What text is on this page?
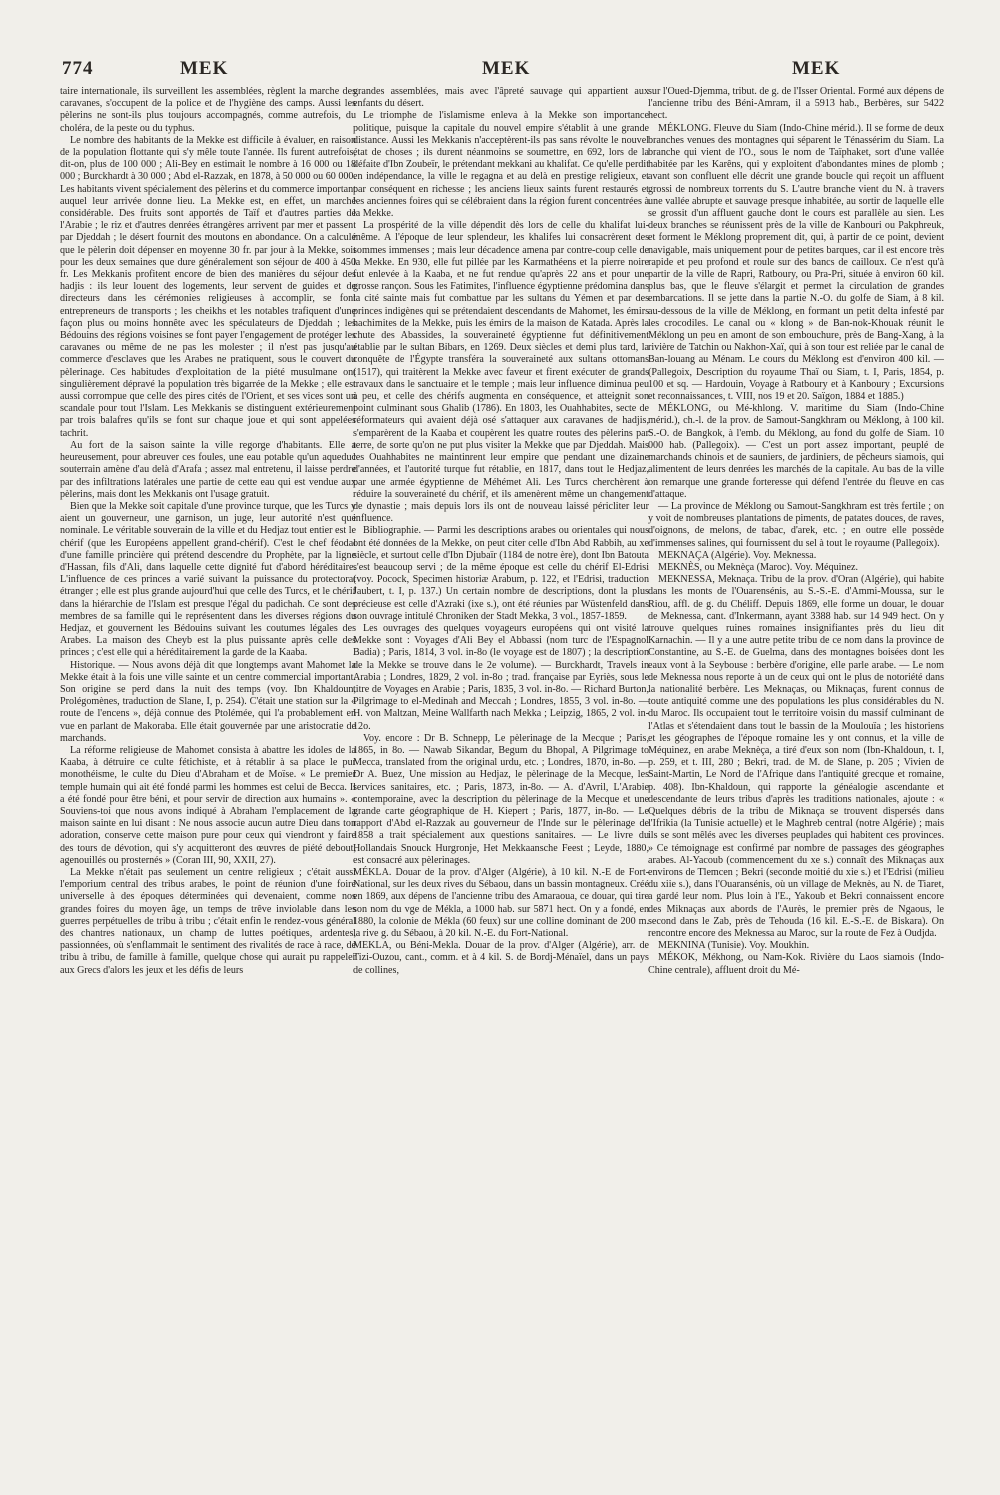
774	MEK	MEK	MEK

taire internationale, ils surveillent les assemblées, règlent la marche des caravanes, s'occupent de la police et de l'hygiène des camps. Aussi les pèlerins ne sont-ils plus toujours accompagnés, comme autrefois, du choléra, de la peste ou du typhus.

Le nombre des habitants de la Mekke est difficile à évaluer, en raison de la population flottante qui s'y mêle toute l'année. Ils furent autrefois, dit-on, plus de 100 000 ; Ali-Bey en estimait le nombre à 16 000 ou 18 000 ; Burckhardt à 30 000 ; Abd el-Razzak, en 1878, à 50 000 ou 60 000. Les habitants vivent spécialement des pèlerins et du commerce important auquel leur arrivée donne lieu. La Mekke est, en effet, un marché considérable. Des fruits sont apportés de Taïf et d'autres parties de l'Arabie ; le riz et d'autres denrées étrangères arrivent par mer et passent par Djeddah ; le désert fournit des moutons en abondance. On a calculé que le pèlerin doit dépenser en moyenne 30 fr. par jour à la Mekke, soit pour les deux semaines que dure généralement son séjour de 400 à 450 fr. Les Mekkanis profitent encore de bien des manières du séjour des hadjis : ils leur louent des logements, leur servent de guides et de directeurs dans les cérémonies religieuses à accomplir, se font entrepreneurs de transports ; les cheikhs et les notables trafiquent d'une façon plus ou moins honnête avec les spéculateurs de Djeddah ; les Bédouins des régions voisines se font payer l'engagement de protéger les caravanes ou même de ne pas les molester ; il n'est pas jusqu'au commerce d'esclaves que les Arabes ne pratiquent, sous le couvert du pèlerinage. Ces habitudes d'exploitation de la piété musulmane ont singulièrement dépravé la population très bigarrée de la Mekke ; elle est aussi corrompue que celle des pires cités de l'Orient, et ses vices sont un scandale pour tout l'Islam. Les Mekkanis se distinguent extérieurement par trois balafres qu'ils se font sur chaque joue et qui sont appelées tachrit.

Au fort de la saison sainte la ville regorge d'habitants. Elle a heureusement, pour abreuver ces foules, une eau potable qu'un aqueduc souterrain amène d'au delà d'Arafa ; assez mal entretenu, il laisse perdre par des infiltrations latérales une partie de cette eau qui est vendue aux pèlerins, mais dont les Mekkanis ont l'usage gratuit.

Bien que la Mekke soit capitale d'une province turque, que les Turcs y aient un gouverneur, une garnison, un juge, leur autorité n'est que nominale. Le véritable souverain de la ville et du Hedjaz tout entier est le chérif (que les Européens appellent grand-chérif). C'est le chef féodal d'une famille princière qui prétend descendre du Prophète, par la ligne d'Hassan, fils d'Ali, dans laquelle cette dignité fut d'abord héréditaire. L'influence de ces princes a varié suivant la puissance du protectorat étranger ; elle est plus grande aujourd'hui que celle des Turcs, et le chérif dans la hiérarchie de l'Islam est presque l'égal du padichah. Ce sont des membres de sa famille qui le représentent dans les diverses régions du Hedjaz, et gouvernent les Bédouins suivant les coutumes légales des Arabes. La maison des Cheyb est la plus puissante après celle des princes ; c'est elle qui a héréditairement la garde de la Kaaba.

Historique. — Nous avons déjà dit que longtemps avant Mahomet la Mekke était à la fois une ville sainte et un centre commercial important. Son origine se perd dans la nuit des temps (voy. Ibn Khaldoun, Prolégomènes, traduction de Slane, I, p. 254). C'était une station sur la « route de l'encens », déjà connue des Ptolémée, qui l'a probablement en vue en parlant de Makoraba. Elle était gouvernée par une aristocratie de marchands.

La réforme religieuse de Mahomet consista à abattre les idoles de la Kaaba, à détruire ce culte fétichiste, et à rétablir à sa place le pur monothéisme, le culte du Dieu d'Abraham et de Moïse. « Le premier temple humain qui ait été fondé parmi les hommes est celui de Becca. Il a été fondé pour être béni, et pour servir de direction aux humains ». « Souviens-toi que nous avons indiqué à Abraham l'emplacement de la maison sainte en lui disant : Ne nous associe aucun autre Dieu dans ton adoration, conserve cette maison pure pour ceux qui viendront y faire des tours de dévotion, qui s'y acquitteront des œuvres de piété debout, agenouillés ou prosternés » (Coran III, 90, XXII, 27).

La Mekke n'était pas seulement un centre religieux ; c'était aussi l'emporium central des tribus arabes, le point de réunion d'une foire universelle à des époques déterminées qui devenaient, comme nos grandes foires du moyen âge, un temps de trêve inviolable dans les guerres perpétuelles de tribu à tribu ; c'était enfin le rendez-vous général des chantres nationaux, un champ de luttes poétiques, ardentes, passionnées, où s'enflammait le sentiment des rivalités de race à race, de tribu à tribu, de famille à famille, quelque chose qui aurait pu rappeler aux Grecs d'alors les jeux et les défis de leurs

grandes assemblées, mais avec l'âpreté sauvage qui appartient aux enfants du désert.

Le triomphe de l'islamisme enleva à la Mekke son importance politique, puisque la capitale du nouvel empire s'établit à une grande distance. Aussi les Mekkanis n'acceptèrent-ils pas sans révolte le nouvel état de choses ; ils durent néanmoins se soumettre, en 692, lors de la défaite d'Ibn Zoubeïr, le prétendant mekkani au khalifat. Ce qu'elle perdit en indépendance, la ville le regagna et au delà en prestige religieux, et par conséquent en richesse ; les anciens lieux saints furent restaurés et les anciennes foires qui se célébraient dans la région furent concentrées à la Mekke.

La prospérité de la ville dépendit dès lors de celle du khalifat lui-même. A l'époque de leur splendeur, les khalifes lui consacrèrent des sommes immenses ; mais leur décadence amena par contre-coup celle de la Mekke. En 930, elle fut pillée par les Karmathéens et la pierre noire fut enlevée à la Kaaba, et ne fut rendue qu'après 22 ans et pour une grosse rançon. Sous les Fatimites, l'influence égyptienne prédomina dans la cité sainte mais fut combattue par les sultans du Yémen et par des princes indigènes qui se prétendaient descendants de Mahomet, les émirs hachimites de la Mekke, puis les émirs de la maison de Katada. Après la chute des Abassides, la souveraineté égyptienne fut définitivement établie par le sultan Bibars, en 1269. Deux siècles et demi plus tard, la conquête de l'Égypte transféra la souveraineté aux sultans ottomans (1517), qui traitèrent la Mekke avec faveur et firent exécuter de grands travaux dans le sanctuaire et le temple ; mais leur influence diminua peu à peu, et celle des chérifs augmenta en conséquence, et atteignit son point culminant sous Ghalib (1786). En 1803, les Ouahhabites, secte de réformateurs qui avaient déjà osé s'attaquer aux caravanes de hadjis, s'emparèrent de la Kaaba et coupèrent les quatre routes des pèlerins par terre, de sorte qu'on ne put plus visiter la Mekke que par Djeddah. Mais les Ouahhabites ne maintinrent leur empire que pendant une dizaine d'années, et l'autorité turque fut rétablie, en 1817, dans tout le Hedjaz, par une armée égyptienne de Méhémet Ali. Les Turcs cherchèrent à réduire la souveraineté du chérif, et ils amenèrent même un changement de dynastie ; mais depuis lors ils ont de nouveau laissé péricliter leur influence.

Bibliographie. — Parmi les descriptions arabes ou orientales qui nous ont été données de la Mekke, on peut citer celle d'Ibn Abd Rabbih, au xe siècle, et surtout celle d'Ibn Djubaïr (1184 de notre ère), dont Ibn Batouta s'est beaucoup servi ; de la même époque est celle du chérif El-Edrisi (voy. Pocock, Specimen historiæ Arabum, p. 122, et l'Edrisi, traduction Jaubert, t. I, p. 137.) Un certain nombre de descriptions, dont la plus précieuse est celle d'Azraki (ixe s.), ont été réunies par Wüstenfeld dans son ouvrage intitulé Chroniken der Stadt Mekka, 3 vol., 1857-1859.

Les ouvrages des quelques voyageurs européens qui ont visité la Mekke sont : Voyages d'Ali Bey el Abbassi (nom turc de l'Espagnol Badia) ; Paris, 1814, 3 vol. in-8o (le voyage est de 1807) ; la description de la Mekke se trouve dans le 2e volume). — Burckhardt, Travels in Arabia ; Londres, 1829, 2 vol. in-8o ; trad. française par Eyriès, sous le titre de Voyages en Arabie ; Paris, 1835, 3 vol. in-8o. — Richard Burton, Pilgrimage to el-Medinah and Meccah ; Londres, 1855, 3 vol. in-8o. — H. von Maltzan, Meine Wallfarth nach Mekka ; Leipzig, 1865, 2 vol. in-12o.

Voy. encore : Dr B. Schnepp, Le pèlerinage de la Mecque ; Paris, 1865, in 8o. — Nawab Sikandar, Begum du Bhopal, A Pilgrimage to Mecca, translated from the original urdu, etc. ; Londres, 1870, in-8o. — Dr A. Buez, Une mission au Hedjaz, le pèlerinage de la Mecque, les services sanitaires, etc. ; Paris, 1873, in-8o. — A. d'Avril, L'Arabie contemporaine, avec la description du pèlerinage de la Mecque et une grande carte géographique de H. Kiepert ; Paris, 1877, in-8o. — Le rapport d'Abd el-Razzak au gouverneur de l'Inde sur le pèlerinage de 1858 a trait spécialement aux questions sanitaires. — Le livre du Hollandais Snouck Hurgronje, Het Mekkaansche Feest ; Leyde, 1880, est consacré aux pèlerinages.

MÉKLA. Douar de la prov. d'Alger (Algérie), à 10 kil. N.-E de Fort-National, sur les deux rives du Sébaou, dans un bassin montagneux. Créé en 1869, aux dépens de l'ancienne tribu des Amaraoua, ce douar, qui tire son nom du vge de Mékla, a 1000 hab. sur 5871 hect. On y a fondé, en 1880, la colonie de Mékla (60 feux) sur une colline dominant de 200 m. la rive g. du Sébaou, à 20 kil. N.-E. du Fort-National.

MEKLA, ou Béni-Mekla. Douar de la prov. d'Alger (Algérie), arr. de Tizi-Ouzou, cant., comm. et à 4 kil. S. de Bordj-Ménaïel, dans un pays de collines,

sur l'Oued-Djemma, tribut. de g. de l'Isser Oriental. Formé aux dépens de l'ancienne tribu des Béni-Amram, il a 5913 hab., Berbères, sur 5422 hect.

MÉKLONG. Fleuve du Siam (Indo-Chine mérid.). Il se forme de deux branches venues des montagnes qui séparent le Ténassérim du Siam. La branche qui vient de l'O., sous le nom de Taïphaket, sort d'une vallée habitée par les Karêns, qui y exploitent d'abondantes mines de plomb ; avant son confluent elle décrit une grande boucle qui reçoit un affluent grossi de nombreux torrents du S. L'autre branche vient du N. à travers une vallée abrupte et sauvage presque inhabitée, au sortir de laquelle elle se grossit d'un affluent gauche dont le cours est parallèle au sien. Les deux branches se réunissent près de la ville de Kanbouri ou Pakphreuk, et forment le Méklong proprement dit, qui, à partir de ce point, devient navigable, mais uniquement pour de petites barques, car il est encore très rapide et peu profond et roule sur des bancs de cailloux. Ce n'est qu'à partir de la ville de Rapri, Ratboury, ou Pra-Pri, située à environ 60 kil. plus bas, que le fleuve s'élargit et permet la circulation de grandes embarcations. Il se jette dans la partie N.-O. du golfe de Siam, à 8 kil. au-dessous de la ville de Méklong, en formant un petit delta infesté par les crocodiles. Le canal ou « klong » de Ban-nok-Khouak réunit le Méklong un peu en amont de son embouchure, près de Bang-Xang, à la rivière de Tatchin ou Nakhon-Xaï, qui à son tour est reliée par le canal de Ban-louang au Ménam. Le cours du Méklong est d'environ 400 kil. — (Pallegoix, Description du royaume Thaï ou Siam, t. I, Paris, 1854, p. 100 et sq. — Hardouin, Voyage à Ratboury et à Kanboury ; Excursions et reconnaissances, t. VIII, nos 19 et 20. Saïgon, 1884 et 1885.)

MÉKLONG, ou Mé-khlong. V. maritime du Siam (Indo-Chine mérid.), ch.-l. de la prov. de Samout-Sangkhram ou Méklong, à 100 kil. S.-O. de Bangkok, à l'emb. du Méklong, au fond du golfe de Siam. 10 000 hab. (Pallegoix). — C'est un port assez important, peuplé de marchands chinois et de sauniers, de jardiniers, de pêcheurs siamois, qui alimentent de leurs denrées les marchés de la capitale. Au bas de la ville on remarque une grande forteresse qui défend l'entrée du fleuve en cas d'attaque.

— La province de Méklong ou Samout-Sangkhram est très fertile ; on y voit de nombreuses plantations de piments, de patates douces, de raves, d'oignons, de melons, de tabac, d'arek, etc. ; en outre elle possède d'immenses salines, qui fournissent du sel à tout le royaume (Pallegoix).

MEKNAÇA (Algérie). Voy. Meknessa.

MEKNÈS, ou Meknèça (Maroc). Voy. Méquinez.

MEKNESSA, Meknaça. Tribu de la prov. d'Oran (Algérie), qui habite dans les monts de l'Ouarensénis, au S.-S.-E. d'Ammi-Moussa, sur le Riou, affl. de g. du Chéliff. Depuis 1869, elle forme un douar, le douar de Meknessa, cant. d'Inkermann, ayant 3388 hab. sur 14 949 hect. On y trouve quelques ruines romaines insignifiantes près du lieu dit Karnachin. — Il y a une autre petite tribu de ce nom dans la province de Constantine, au S.-E. de Guelma, dans des montagnes boisées dont les eaux vont à la Seybouse : berbère d'origine, elle parle arabe. — Le nom de Meknessa nous reporte à un de ceux qui ont le plus de notoriété dans la nationalité berbère. Les Meknaças, ou Miknaças, furent connus de toute antiquité comme une des populations les plus considérables du N. du Maroc. Ils occupaient tout le territoire voisin du massif culminant de l'Atlas et s'étendaient dans tout le bassin de la Moulouïa ; les historiens et les géographes de l'époque romaine les y ont connus, et la ville de Méquinez, en arabe Meknèça, a tiré d'eux son nom (Ibn-Khaldoun, t. I, p. 259, et t. III, 280 ; Bekri, trad. de M. de Slane, p. 205 ; Vivien de Saint-Martin, Le Nord de l'Afrique dans l'antiquité grecque et romaine, p. 408). Ibn-Khaldoun, qui rapporte la généalogie ascendante et descendante de leurs tribus d'après les traditions nationales, ajoute : « Quelques débris de la tribu de Miknaça se trouvent dispersés dans l'Ifrikia (la Tunisie actuelle) et le Maghreb central (notre Algérie) ; mais ils se sont mêlés avec les diverses peuplades qui habitent ces provinces. » Ce témoignage est confirmé par nombre de passages des géographes arabes. Al-Yacoub (commencement du xe s.) connaît des Miknaças aux environs de Tlemcen ; Bekri (seconde moitié du xie s.) et l'Edrisi (milieu du xiie s.), dans l'Ouaransénis, où un village de Meknès, au N. de Tiaret, a gardé leur nom. Plus loin à l'E., Yakoub et Bekri connaissent encore des Miknaças aux abords de l'Aurès, le premier près de Ngaous, le second dans le Zab, près de Tehouda (16 kil. E.-S.-E. de Biskara). On rencontre encore des Meknessa au Maroc, sur la route de Fez à Oudjda.

MEKNINA (Tunisie). Voy. Moukhin.

MÉKOK, Mékhong, ou Nam-Kok. Rivière du Laos siamois (Indo-Chine centrale), affluent droit du Mé-
